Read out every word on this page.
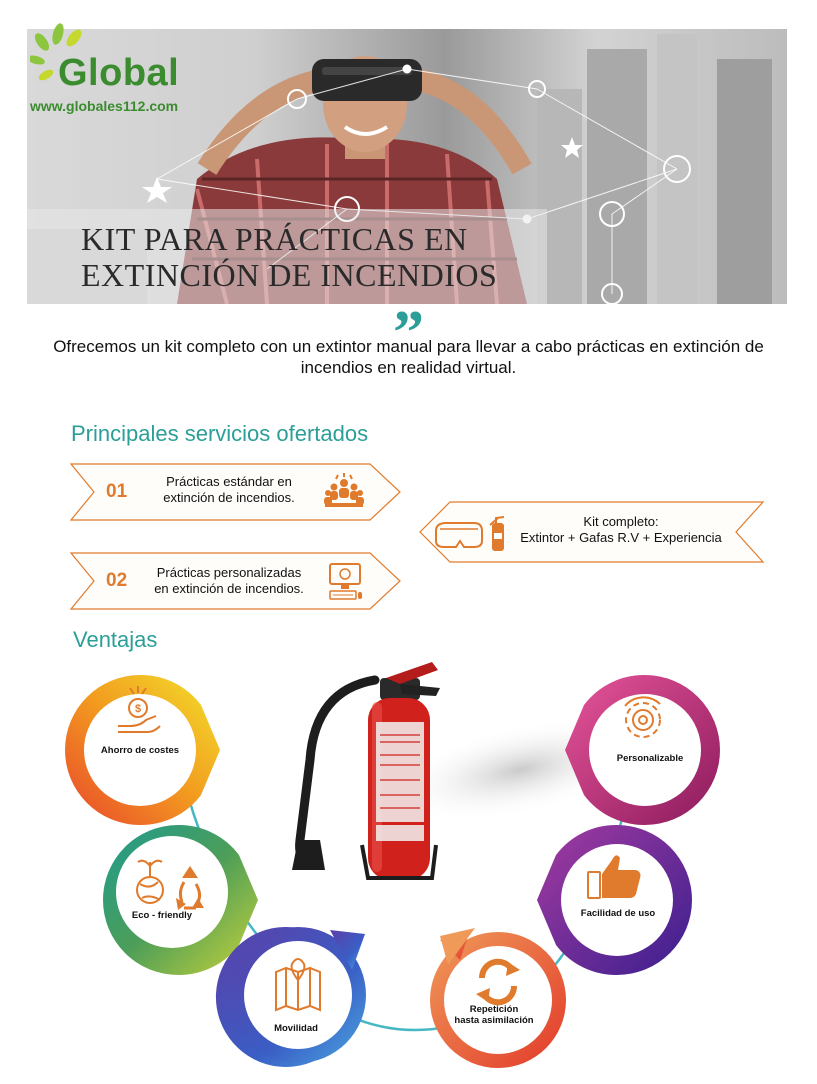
KIT PARA PRÁCTICAS EN
EXTINCIÓN DE INCENDIOS
Global
www.globales112.com
”

Ofrecemos un kit completo con un extintor manual para llevar a cabo prácticas en extinción de incendios en realidad virtual.

Principales servicios ofertados
01	Prácticas estándar en
extinción de incendios.

Kit completo:
Extintor + Gafas R.V + Experiencia

02	Prácticas personalizadas
en extinción de incendios.

Ventajas
$
Ahorro de costes
Personalizable
Eco - friendly	Facilidad de uso
Movilidad
Repetición
hasta asimilación
